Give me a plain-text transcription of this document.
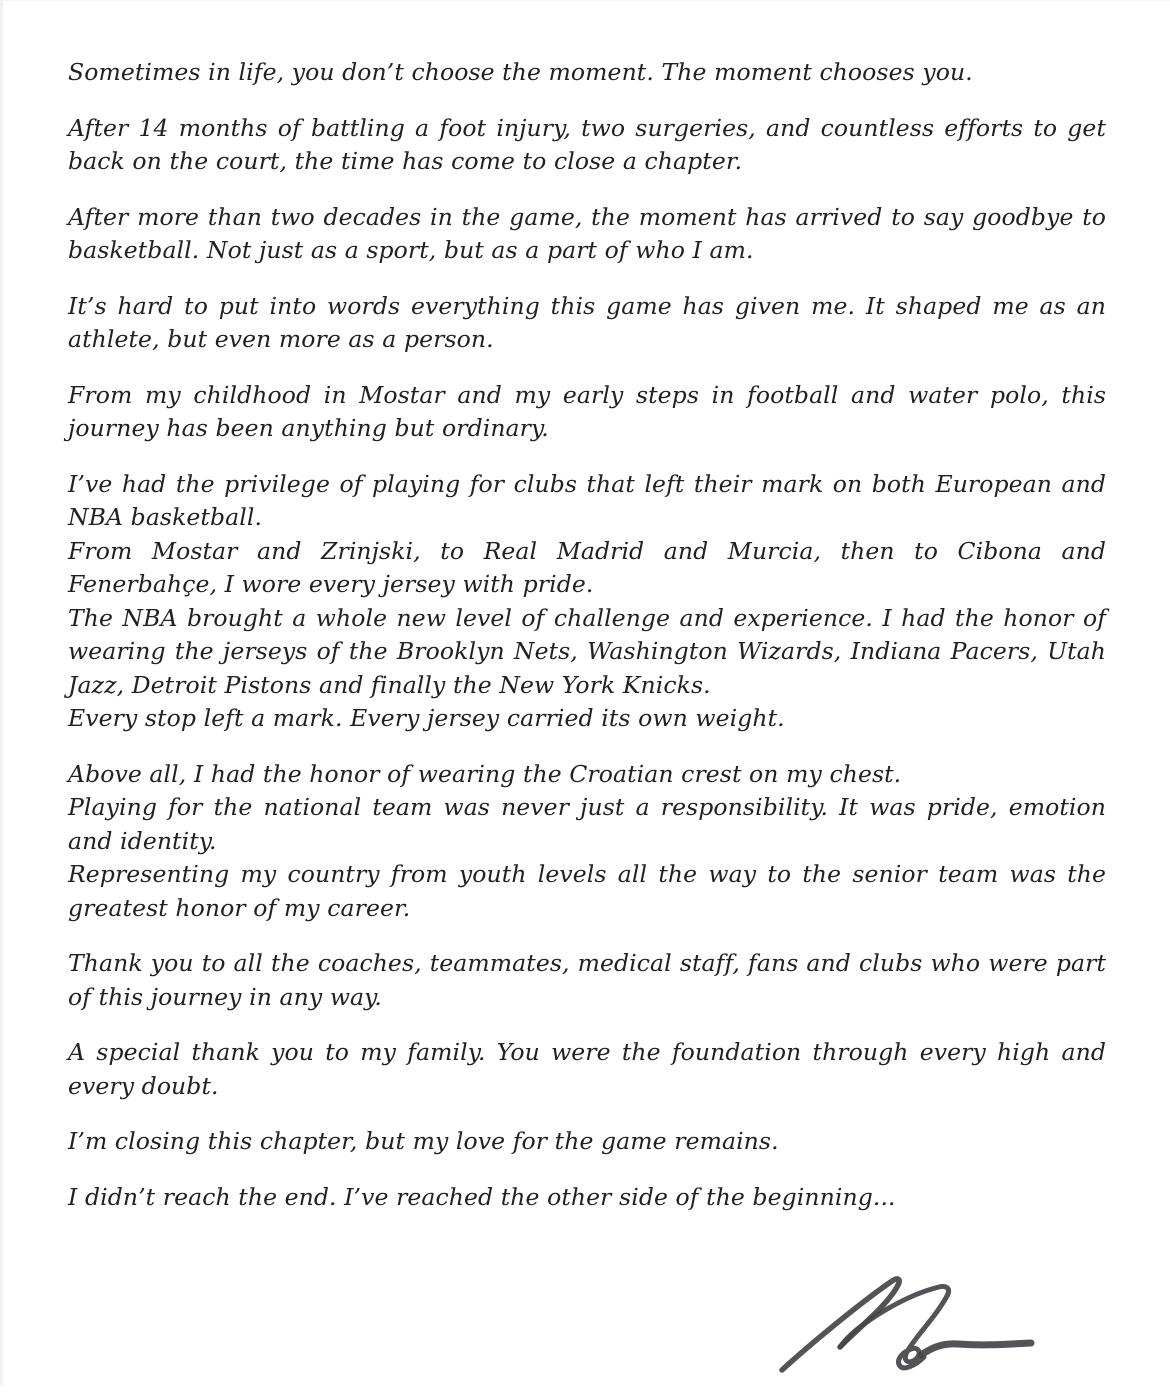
Sometimes in life, you don’t choose the moment. The moment chooses you.

After 14 months of battling a foot injury, two surgeries, and countless efforts to get back on the court, the time has come to close a chapter.

After more than two decades in the game, the moment has arrived to say goodbye to basketball. Not just as a sport, but as a part of who I am.

It’s hard to put into words everything this game has given me. It shaped me as an athlete, but even more as a person.

From my childhood in Mostar and my early steps in football and water polo, this journey has been anything but ordinary.

I’ve had the privilege of playing for clubs that left their mark on both European and NBA basketball.
From Mostar and Zrinjski, to Real Madrid and Murcia, then to Cibona and Fenerbahçe, I wore every jersey with pride.
The NBA brought a whole new level of challenge and experience. I had the honor of wearing the jerseys of the Brooklyn Nets, Washington Wizards, Indiana Pacers, Utah Jazz, Detroit Pistons and finally the New York Knicks.
Every stop left a mark. Every jersey carried its own weight.

Above all, I had the honor of wearing the Croatian crest on my chest.
Playing for the national team was never just a responsibility. It was pride, emotion and identity.
Representing my country from youth levels all the way to the senior team was the greatest honor of my career.

Thank you to all the coaches, teammates, medical staff, fans and clubs who were part of this journey in any way.

A special thank you to my family. You were the foundation through every high and every doubt.

I’m closing this chapter, but my love for the game remains.

I didn’t reach the end. I’ve reached the other side of the beginning...
